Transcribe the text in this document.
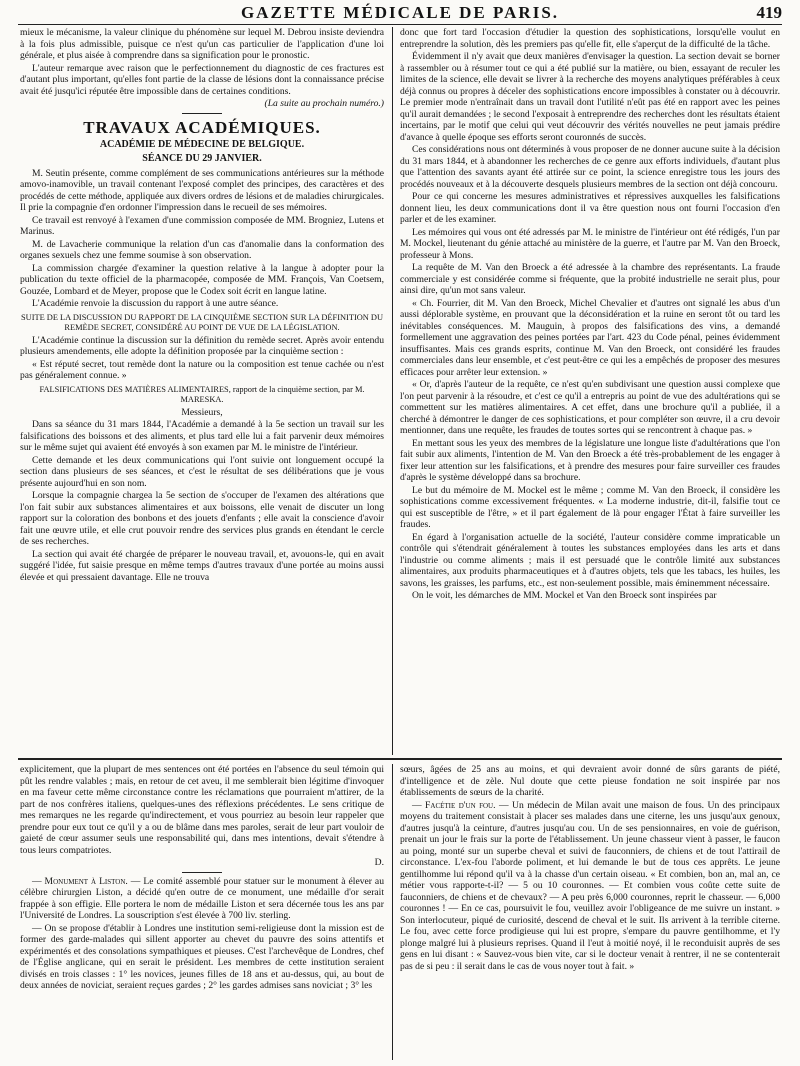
GAZETTE MÉDICALE DE PARIS.	419

mieux le mécanisme, la valeur clinique du phénomène sur lequel M. Debrou insiste deviendra à la fois plus admissible, puisque ce n'est qu'un cas particulier de l'application d'une loi générale, et plus aisée à comprendre dans sa signification pour le pronostic.

L'auteur remarque avec raison que le perfectionnement du diagnostic de ces fractures est d'autant plus important, qu'elles font partie de la classe de lésions dont la connaissance précise avait été jusqu'ici réputée être impossible dans de certaines conditions.

(La suite au prochain numéro.)

TRAVAUX ACADÉMIQUES.
ACADÉMIE DE MÉDECINE DE BELGIQUE.
SÉANCE DU 29 JANVIER.

M. Seutin présente, comme complément de ses communications antérieures sur la méthode amovo-inamovible, un travail contenant l'exposé complet des principes, des caractères et des procédés de cette méthode, appliquée aux divers ordres de lésions et de maladies chirurgicales. Il prie la compagnie d'en ordonner l'impression dans le recueil de ses mémoires.

Ce travail est renvoyé à l'examen d'une commission composée de MM. Brogniez, Lutens et Marinus.

M. de Lavacherie communique la relation d'un cas d'anomalie dans la conformation des organes sexuels chez une femme soumise à son observation.

La commission chargée d'examiner la question relative à la langue à adopter pour la publication du texte officiel de la pharmacopée, composée de MM. François, Van Coetsem, Gouzée, Lombard et de Meyer, propose que le Codex soit écrit en langue latine.

L'Académie renvoie la discussion du rapport à une autre séance.

SUITE DE LA DISCUSSION DU RAPPORT DE LA CINQUIÈME SECTION SUR LA DÉFINITION DU REMÈDE SECRET, CONSIDÉRÉ AU POINT DE VUE DE LA LÉGISLATION.

L'Académie continue la discussion sur la définition du remède secret. Après avoir entendu plusieurs amendements, elle adopte la définition proposée par la cinquième section :

« Est réputé secret, tout remède dont la nature ou la composition est tenue cachée ou n'est pas généralement connue. »

FALSIFICATIONS DES MATIÈRES ALIMENTAIRES, rapport de la cinquième section, par M. MARESKA.

Messieurs,

Dans sa séance du 31 mars 1844, l'Académie a demandé à la 5e section un travail sur les falsifications des boissons et des aliments, et plus tard elle lui a fait parvenir deux mémoires sur le même sujet qui avaient été envoyés à son examen par M. le ministre de l'intérieur.

Cette demande et les deux communications qui l'ont suivie ont longuement occupé la section dans plusieurs de ses séances, et c'est le résultat de ses délibérations que je vous présente aujourd'hui en son nom.

Lorsque la compagnie chargea la 5e section de s'occuper de l'examen des altérations que l'on fait subir aux substances alimentaires et aux boissons, elle venait de discuter un long rapport sur la coloration des bonbons et des jouets d'enfants ; elle avait la conscience d'avoir fait une œuvre utile, et elle crut pouvoir rendre des services plus grands en étendant le cercle de ses recherches.

La section qui avait été chargée de préparer le nouveau travail, et, avouons-le, qui en avait suggéré l'idée, fut saisie presque en même temps d'autres travaux d'une portée au moins aussi élevée et qui pressaient davantage. Elle ne trouva

donc que fort tard l'occasion d'étudier la question des sophistications, lorsqu'elle voulut en entreprendre la solution, dès les premiers pas qu'elle fit, elle s'aperçut de la difficulté de la tâche.

Évidemment il n'y avait que deux manières d'envisager la question. La section devait se borner à rassembler ou à résumer tout ce qui a été publié sur la matière, ou bien, essayant de reculer les limites de la science, elle devait se livrer à la recherche des moyens analytiques préférables à ceux déjà connus ou propres à déceler des sophistications encore impossibles à constater ou à découvrir. Le premier mode n'entraînait dans un travail dont l'utilité n'eût pas été en rapport avec les peines qu'il aurait demandées ; le second l'exposait à entreprendre des recherches dont les résultats étaient incertains, par le motif que celui qui veut découvrir des vérités nouvelles ne peut jamais prédire d'avance à quelle époque ses efforts seront couronnés de succès.

Ces considérations nous ont déterminés à vous proposer de ne donner aucune suite à la décision du 31 mars 1844, et à abandonner les recherches de ce genre aux efforts individuels, d'autant plus que l'attention des savants ayant été attirée sur ce point, la science enregistre tous les jours des procédés nouveaux et à la découverte desquels plusieurs membres de la section ont déjà concouru.

Pour ce qui concerne les mesures administratives et répressives auxquelles les falsifications donnent lieu, les deux communications dont il va être question nous ont fourni l'occasion d'en parler et de les examiner.

Les mémoires qui vous ont été adressés par M. le ministre de l'intérieur ont été rédigés, l'un par M. Mockel, lieutenant du génie attaché au ministère de la guerre, et l'autre par M. Van den Broeck, professeur à Mons.

La requête de M. Van den Broeck a été adressée à la chambre des représentants. La fraude commerciale y est considérée comme si fréquente, que la probité industrielle ne serait plus, pour ainsi dire, qu'un mot sans valeur.

« Ch. Fourrier, dit M. Van den Broeck, Michel Chevalier et d'autres ont signalé les abus d'un aussi déplorable système, en prouvant que la déconsidération et la ruine en seront tôt ou tard les inévitables conséquences. M. Mauguin, à propos des falsifications des vins, a demandé formellement une aggravation des peines portées par l'art. 423 du Code pénal, peines évidemment insuffisantes. Mais ces grands esprits, continue M. Van den Broeck, ont considéré les fraudes commerciales dans leur ensemble, et c'est peut-être ce qui les a empêchés de proposer des mesures efficaces pour arrêter leur extension. »

« Or, d'après l'auteur de la requête, ce n'est qu'en subdivisant une question aussi complexe que l'on peut parvenir à la résoudre, et c'est ce qu'il a entrepris au point de vue des adultérations qui se commettent sur les matières alimentaires. A cet effet, dans une brochure qu'il a publiée, il a cherché à démontrer le danger de ces sophistications, et pour compléter son œuvre, il a cru devoir mentionner, dans une requête, les fraudes de toutes sortes qui se rencontrent à chaque pas. »

En mettant sous les yeux des membres de la législature une longue liste d'adultérations que l'on fait subir aux aliments, l'intention de M. Van den Broeck a été très-probablement de les engager à fixer leur attention sur les falsifications, et à prendre des mesures pour faire surveiller ces fraudes d'après le système développé dans sa brochure.

Le but du mémoire de M. Mockel est le même ; comme M. Van den Broeck, il considère les sophistications comme excessivement fréquentes. « La moderne industrie, dit-il, falsifie tout ce qui est susceptible de l'être, » et il part également de là pour engager l'État à faire surveiller les fraudes.

En égard à l'organisation actuelle de la société, l'auteur considère comme impraticable un contrôle qui s'étendrait généralement à toutes les substances employées dans les arts et dans l'industrie ou comme aliments ; mais il est persuadé que le contrôle limité aux substances alimentaires, aux produits pharmaceutiques et à d'autres objets, tels que les tabacs, les huiles, les savons, les graisses, les parfums, etc., est non-seulement possible, mais éminemment nécessaire.

On le voit, les démarches de MM. Mockel et Van den Broeck sont inspirées par

explicitement, que la plupart de mes sentences ont été portées en l'absence du seul témoin qui pût les rendre valables ; mais, en retour de cet aveu, il me semblerait bien légitime d'invoquer en ma faveur cette même circonstance contre les réclamations que pourraient m'attirer, de la part de nos confrères italiens, quelques-unes des réflexions précédentes. Le sens critique de mes remarques ne les regarde qu'indirectement, et vous pourriez au besoin leur rappeler que prendre pour eux tout ce qu'il y a ou de blâme dans mes paroles, serait de leur part vouloir de gaieté de cœur assumer seuls une responsabilité qui, dans mes intentions, devait s'étendre à tous leurs compatriotes.

D.

— Monument à Liston. — Le comité assemblé pour statuer sur le monument à élever au célèbre chirurgien Liston, a décidé qu'en outre de ce monument, une médaille d'or serait frappée à son effigie. Elle portera le nom de médaille Liston et sera décernée tous les ans par l'Université de Londres. La souscription s'est élevée à 700 liv. sterling.

— On se propose d'établir à Londres une institution semi-religieuse dont la mission est de former des garde-malades qui sillent apporter au chevet du pauvre des soins attentifs et expérimentés et des consolations sympathiques et pieuses. C'est l'archevêque de Londres, chef de l'Église anglicane, qui en serait le président. Les membres de cette institution seraient divisés en trois classes : 1° les novices, jeunes filles de 18 ans et au-dessus, qui, au bout de deux années de noviciat, seraient reçues gardes ; 2° les gardes admises sans noviciat ; 3° les

sœurs, âgées de 25 ans au moins, et qui devraient avoir donné de sûrs garants de piété, d'intelligence et de zèle. Nul doute que cette pieuse fondation ne soit inspirée par nos établissements de sœurs de la charité.

— Facétie d'un fou. — Un médecin de Milan avait une maison de fous. Un des principaux moyens du traitement consistait à placer ses malades dans une citerne, les uns jusqu'aux genoux, d'autres jusqu'à la ceinture, d'autres jusqu'au cou. Un de ses pensionnaires, en voie de guérison, prenait un jour le frais sur la porte de l'établissement. Un jeune chasseur vient à passer, le faucon au poing, monté sur un superbe cheval et suivi de fauconniers, de chiens et de tout l'attirail de circonstance. L'ex-fou l'aborde poliment, et lui demande le but de tous ces apprêts. Le jeune gentilhomme lui répond qu'il va à la chasse d'un certain oiseau. « Et combien, bon an, mal an, ce métier vous rapporte-t-il? — 5 ou 10 couronnes. — Et combien vous coûte cette suite de fauconniers, de chiens et de chevaux? — A peu près 6,000 couronnes, reprit le chasseur. — 6,000 couronnes ! — En ce cas, poursuivit le fou, veuillez avoir l'obligeance de me suivre un instant. » Son interlocuteur, piqué de curiosité, descend de cheval et le suit. Ils arrivent à la terrible citerne. Le fou, avec cette force prodigieuse qui lui est propre, s'empare du pauvre gentilhomme, et l'y plonge malgré lui à plusieurs reprises. Quand il l'eut à moitié noyé, il le reconduisit auprès de ses gens en lui disant : « Sauvez-vous bien vite, car si le docteur venait à rentrer, il ne se contenterait pas de si peu : il serait dans le cas de vous noyer tout à fait. »
